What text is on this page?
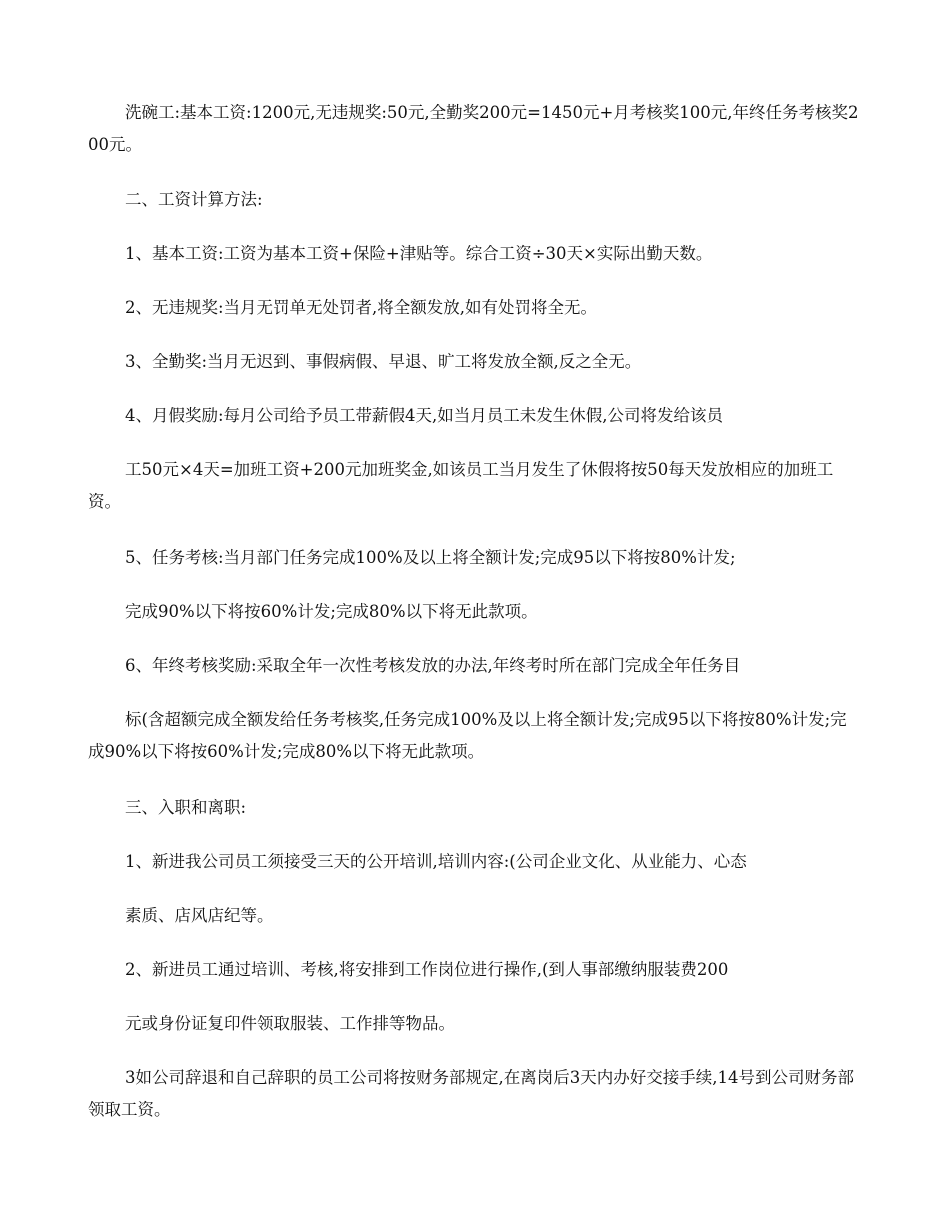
洗碗工:基本工资:1200元,无违规奖:50元,全勤奖200元=1450元+月考核奖100元,年终任务考核奖200元。

二、工资计算方法:

1、基本工资:工资为基本工资+保险+津贴等。综合工资÷30天×实际出勤天数。

2、无违规奖:当月无罚单无处罚者,将全额发放,如有处罚将全无。

3、全勤奖:当月无迟到、事假病假、早退、旷工将发放全额,反之全无。

4、月假奖励:每月公司给予员工带薪假4天,如当月员工未发生休假,公司将发给该员

工50元×4天=加班工资+200元加班奖金,如该员工当月发生了休假将按50每天发放相应的加班工资。

5、任务考核:当月部门任务完成100%及以上将全额计发;完成95以下将按80%计发;

完成90%以下将按60%计发;完成80%以下将无此款项。

6、年终考核奖励:采取全年一次性考核发放的办法,年终考时所在部门完成全年任务目

标(含超额完成全额发给任务考核奖,任务完成100%及以上将全额计发;完成95以下将按80%计发;完成90%以下将按60%计发;完成80%以下将无此款项。

三、入职和离职:

1、新进我公司员工须接受三天的公开培训,培训内容:(公司企业文化、从业能力、心态

素质、店风店纪等。

2、新进员工通过培训、考核,将安排到工作岗位进行操作,(到人事部缴纳服装费200

元或身份证复印件领取服装、工作排等物品。

3如公司辞退和自己辞职的员工公司将按财务部规定,在离岗后3天内办好交接手续,14号到公司财务部领取工资。
